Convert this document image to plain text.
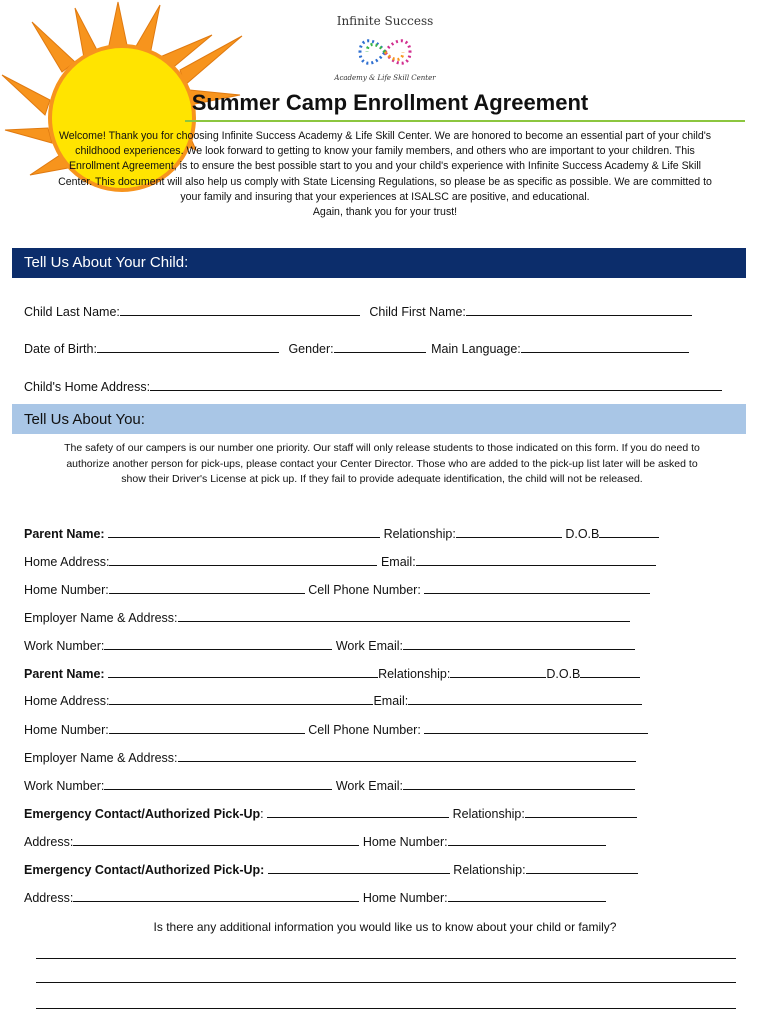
Infinite Success
Academy & Life Skill Center
Summer Camp Enrollment Agreement
Welcome! Thank you for choosing Infinite Success Academy & Life Skill Center. We are honored to become an essential part of your child's
childhood experiences. We look forward to getting to know your family members, and others who are important to your children. This
Enrollment Agreement, is to ensure the best possible start to you and your child's experience with Infinite Success Academy & Life Skill
Center. This document will also help us comply with State Licensing Regulations, so please be as specific as possible. We are committed to
your family and insuring that your experiences at ISALSC are positive, and educational.
Again, thank you for your trust!
Tell Us About Your Child:
Child Last Name:	Child First Name:
Date of Birth:	Gender:	Main Language:
Child's Home Address:
Tell Us About You:
The safety of our campers is our number one priority. Our staff will only release students to those indicated on this form. If you do need to
authorize another person for pick-ups, please contact your Center Director. Those who are added to the pick-up list later will be asked to
show their Driver's License at pick up. If they fail to provide adequate identification, the child will not be released.
Parent Name:	Relationship:	D.O.B
Home Address:	Email:
Home Number:	Cell Phone Number:
Employer Name & Address:
Work Number:	Work Email:
Parent Name:	Relationship:	D.O.B
Home Address:	Email:
Home Number:	Cell Phone Number:
Employer Name & Address:
Work Number:	Work Email:
Emergency Contact/Authorized Pick-Up:	Relationship:
Address:	Home Number:
Emergency Contact/Authorized Pick-Up:	Relationship:
Address:	Home Number:
Is there any additional information you would like us to know about your child or family?
